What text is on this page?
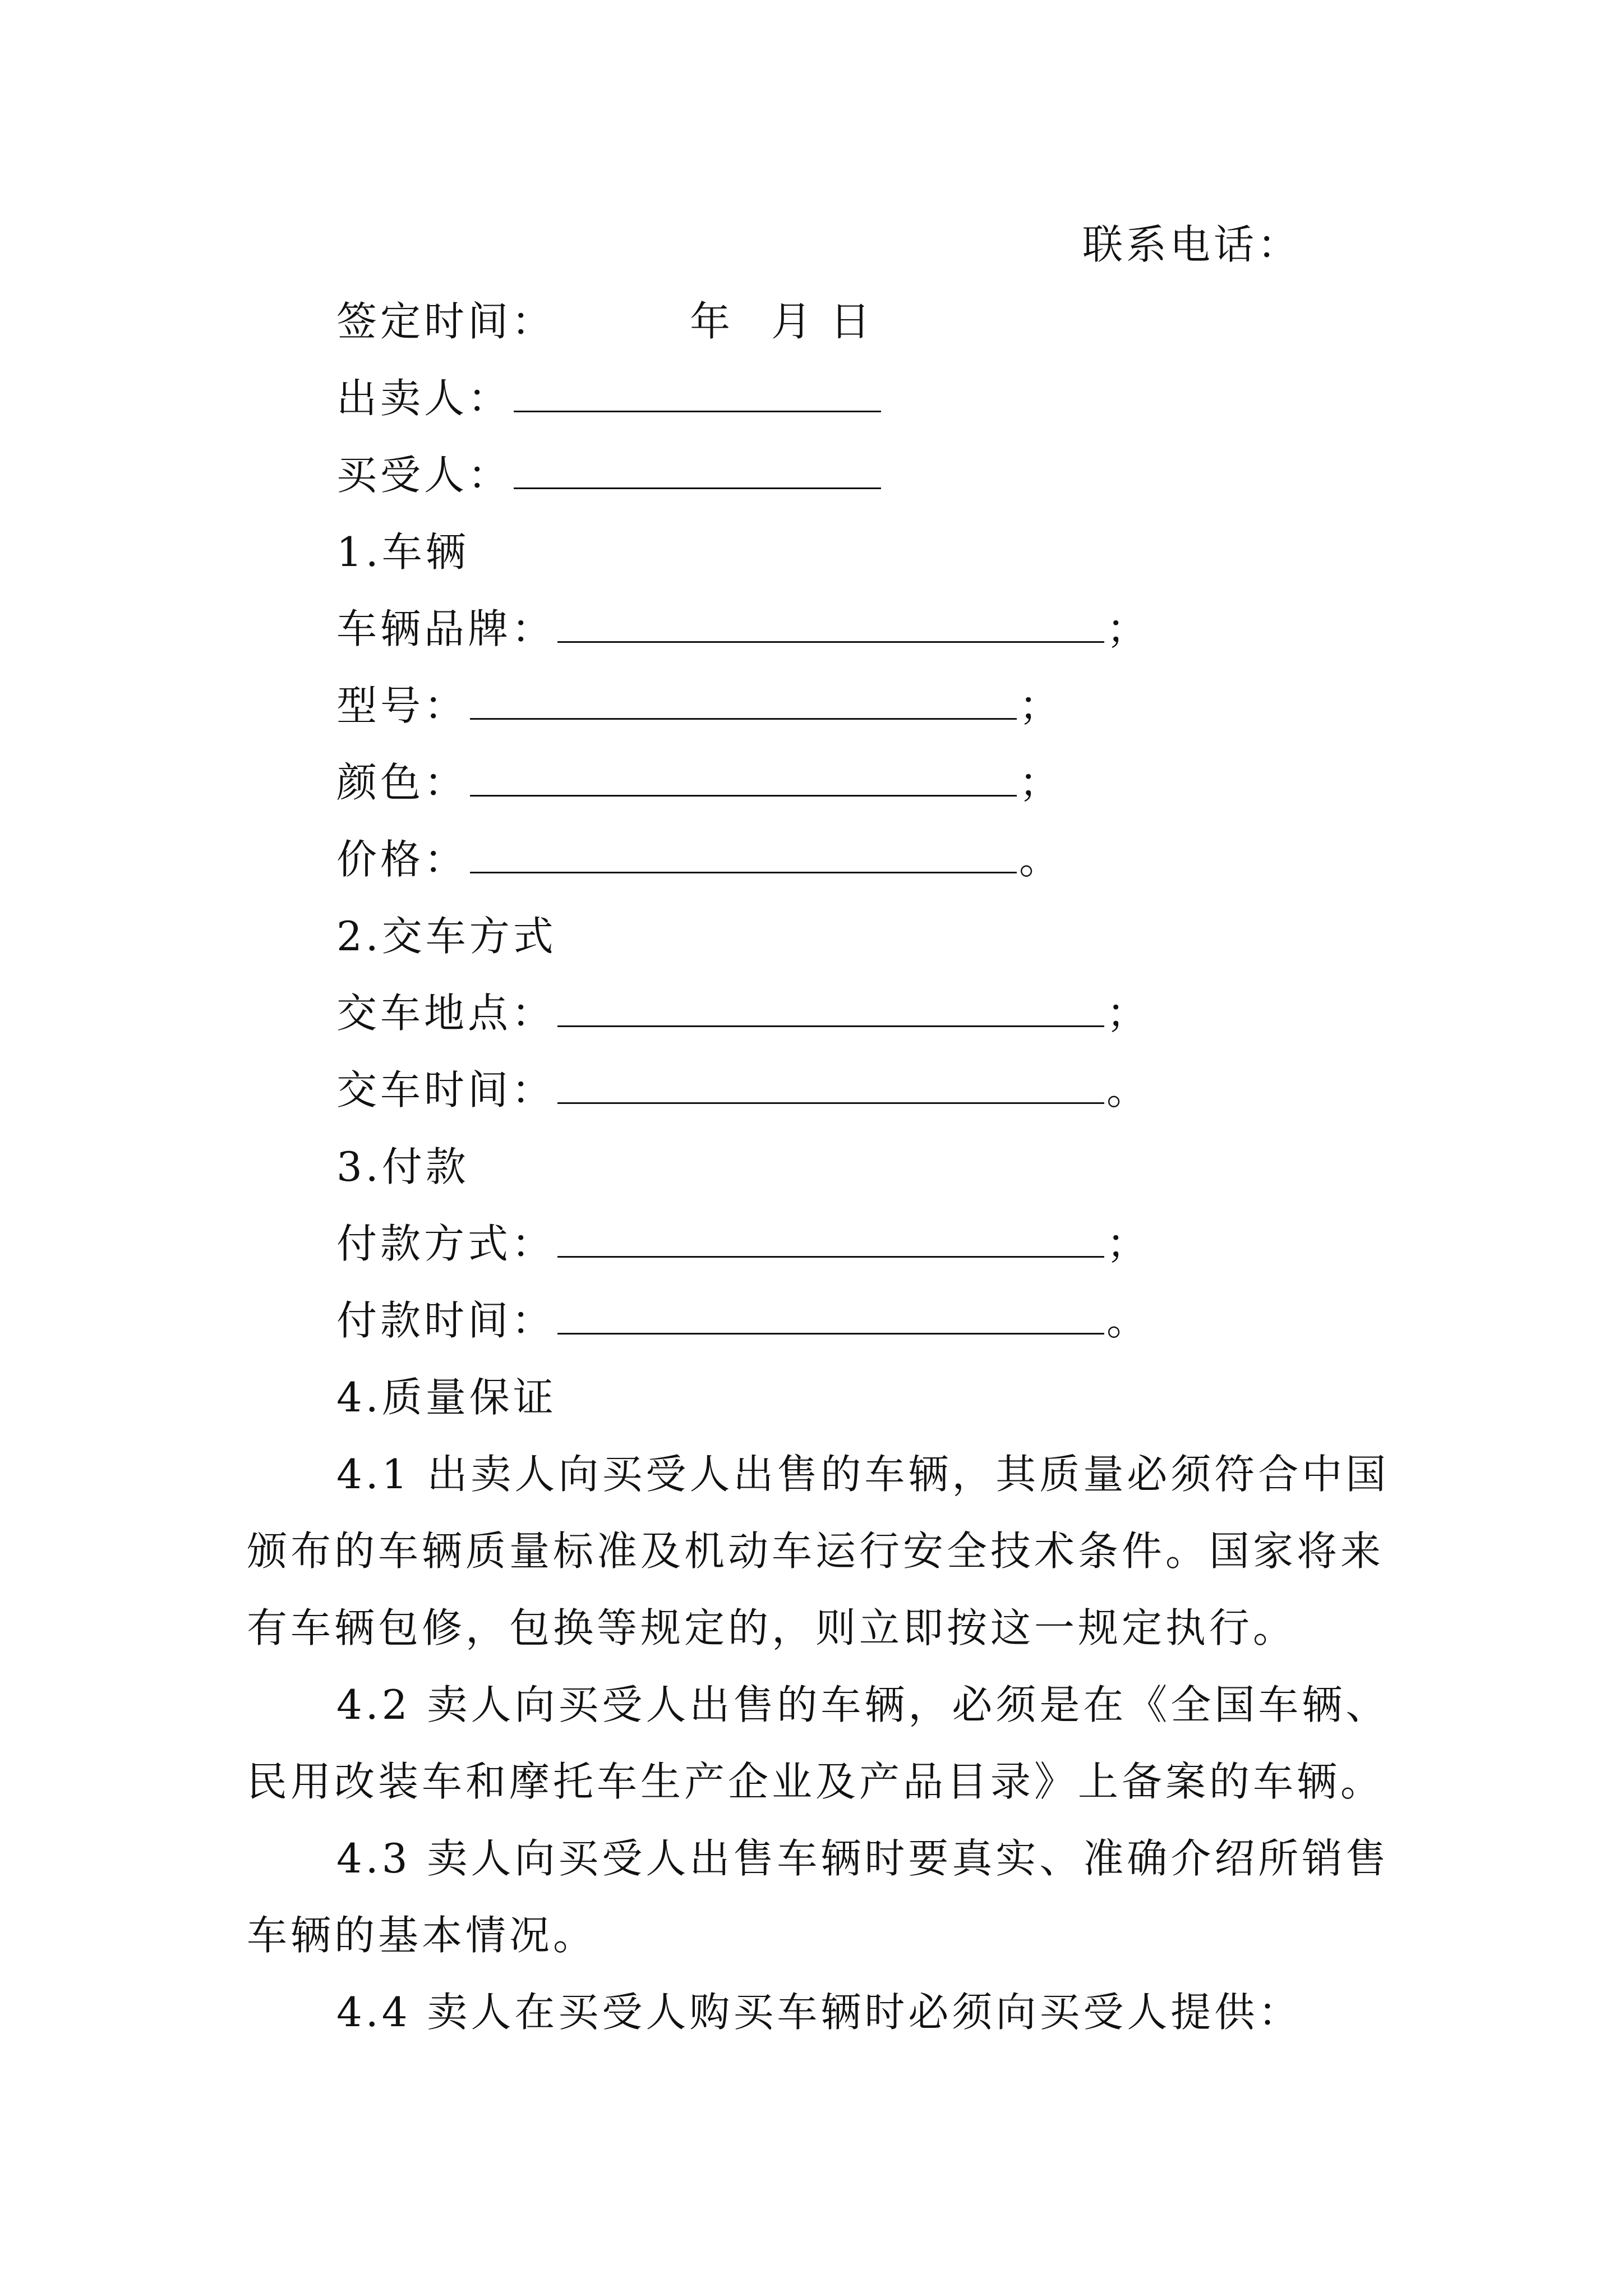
联系电话：
签定时间：	年 月 日
出卖人：
买受人：
1.车辆
车辆品牌：	；
型号：	；
颜色：	；
价格：	。
2.交车方式
交车地点：	；
交车时间：	。
3.付款
付款方式：	；
付款时间：	。
4.质量保证
4.1 出卖人向买受人出售的车辆，其质量必须符合中国
颁布的车辆质量标准及机动车运行安全技术条件。国家将来
有车辆包修，包换等规定的，则立即按这一规定执行。
4.2 卖人向买受人出售的车辆，必须是在《全国车辆、
民用改装车和摩托车生产企业及产品目录》上备案的车辆。
4.3 卖人向买受人出售车辆时要真实、准确介绍所销售
车辆的基本情况。
4.4 卖人在买受人购买车辆时必须向买受人提供：
